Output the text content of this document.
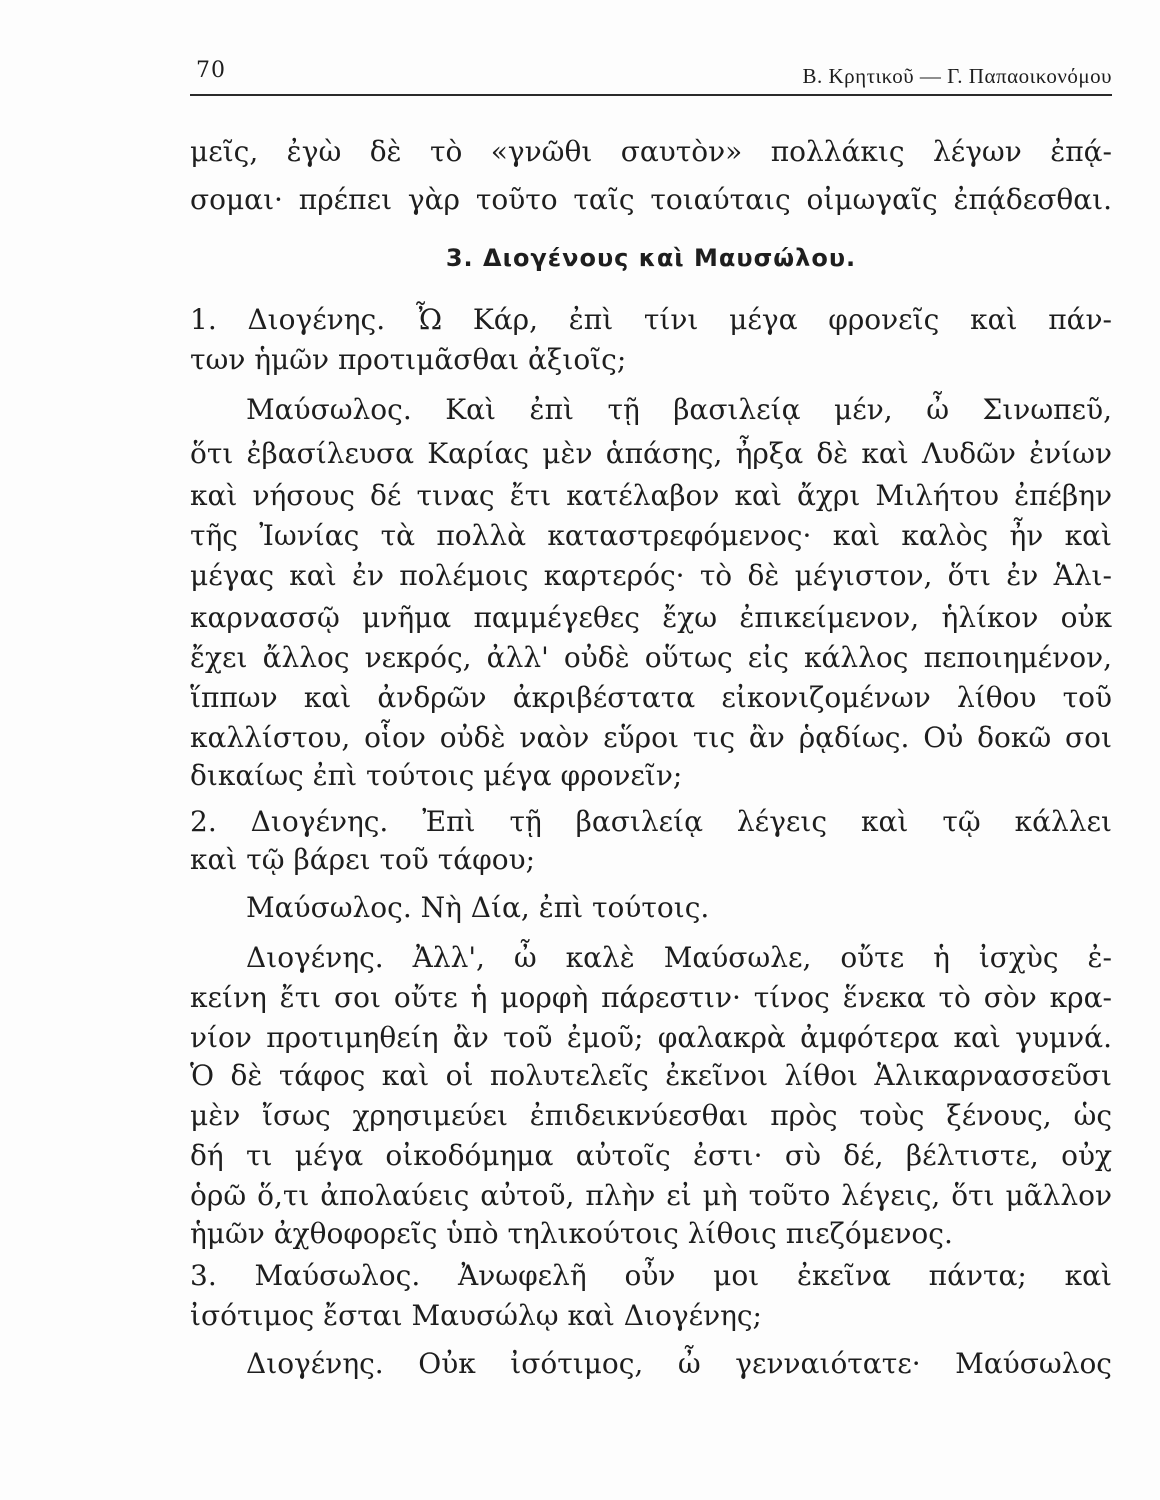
70	Β. Κρητικοῦ — Γ. Παπαοικονόμου
μεῖς, ἐγὼ δὲ τὸ «γνῶθι σαυτὸν» πολλάκις λέγων ἐπᾴ-
σομαι· πρέπει γὰρ τοῦτο ταῖς τοιαύταις οἰμωγαῖς ἐπᾴδεσθαι.
3. Διογένους καὶ Μαυσώλου.
1. Διογένης. Ὦ Κάρ, ἐπὶ τίνι μέγα φρονεῖς καὶ πάν-
των ἡμῶν προτιμᾶσθαι ἀξιοῖς;
Μαύσωλος. Καὶ ἐπὶ τῇ βασιλείᾳ μέν, ὦ Σινωπεῦ,
ὅτι ἐβασίλευσα Καρίας μὲν ἁπάσης, ἦρξα δὲ καὶ Λυδῶν ἐνίων
καὶ νήσους δέ τινας ἔτι κατέλαβον καὶ ἄχρι Μιλήτου ἐπέβην
τῆς Ἰωνίας τὰ πολλὰ καταστρεφόμενος· καὶ καλὸς ἦν καὶ
μέγας καὶ ἐν πολέμοις καρτερός· τὸ δὲ μέγιστον, ὅτι ἐν Ἁλι-
καρνασσῷ μνῆμα παμμέγεθες ἔχω ἐπικείμενον, ἡλίκον οὐκ
ἔχει ἄλλος νεκρός, ἀλλ' οὐδὲ οὕτως εἰς κάλλος πεποιημένον,
ἵππων καὶ ἀνδρῶν ἀκριβέστατα εἰκονιζομένων λίθου τοῦ
καλλίστου, οἷον οὐδὲ ναὸν εὕροι τις ἂν ῥᾳδίως. Οὐ δοκῶ σοι
δικαίως ἐπὶ τούτοις μέγα φρονεῖν;
2. Διογένης. Ἐπὶ τῇ βασιλείᾳ λέγεις καὶ τῷ κάλλει
καὶ τῷ βάρει τοῦ τάφου;
Μαύσωλος. Νὴ Δία, ἐπὶ τούτοις.
Διογένης. Ἀλλ', ὦ καλὲ Μαύσωλε, οὔτε ἡ ἰσχὺς ἐ-
κείνη ἔτι σοι οὔτε ἡ μορφὴ πάρεστιν· τίνος ἕνεκα τὸ σὸν κρα-
νίον προτιμηθείη ἂν τοῦ ἐμοῦ; φαλακρὰ ἀμφότερα καὶ γυμνά.
Ὁ δὲ τάφος καὶ οἱ πολυτελεῖς ἐκεῖνοι λίθοι Ἁλικαρνασσεῦσι
μὲν ἴσως χρησιμεύει ἐπιδεικνύεσθαι πρὸς τοὺς ξένους, ὡς
δή τι μέγα οἰκοδόμημα αὐτοῖς ἐστι· σὺ δέ, βέλτιστε, οὐχ
ὁρῶ ὅ,τι ἀπολαύεις αὐτοῦ, πλὴν εἰ μὴ τοῦτο λέγεις, ὅτι μᾶλλον
ἡμῶν ἀχθοφορεῖς ὑπὸ τηλικούτοις λίθοις πιεζόμενος.
3. Μαύσωλος. Ἀνωφελῆ οὖν μοι ἐκεῖνα πάντα; καὶ
ἰσότιμος ἔσται Μαυσώλῳ καὶ Διογένης;
Διογένης. Οὐκ ἰσότιμος, ὦ γενναιότατε· Μαύσωλος
